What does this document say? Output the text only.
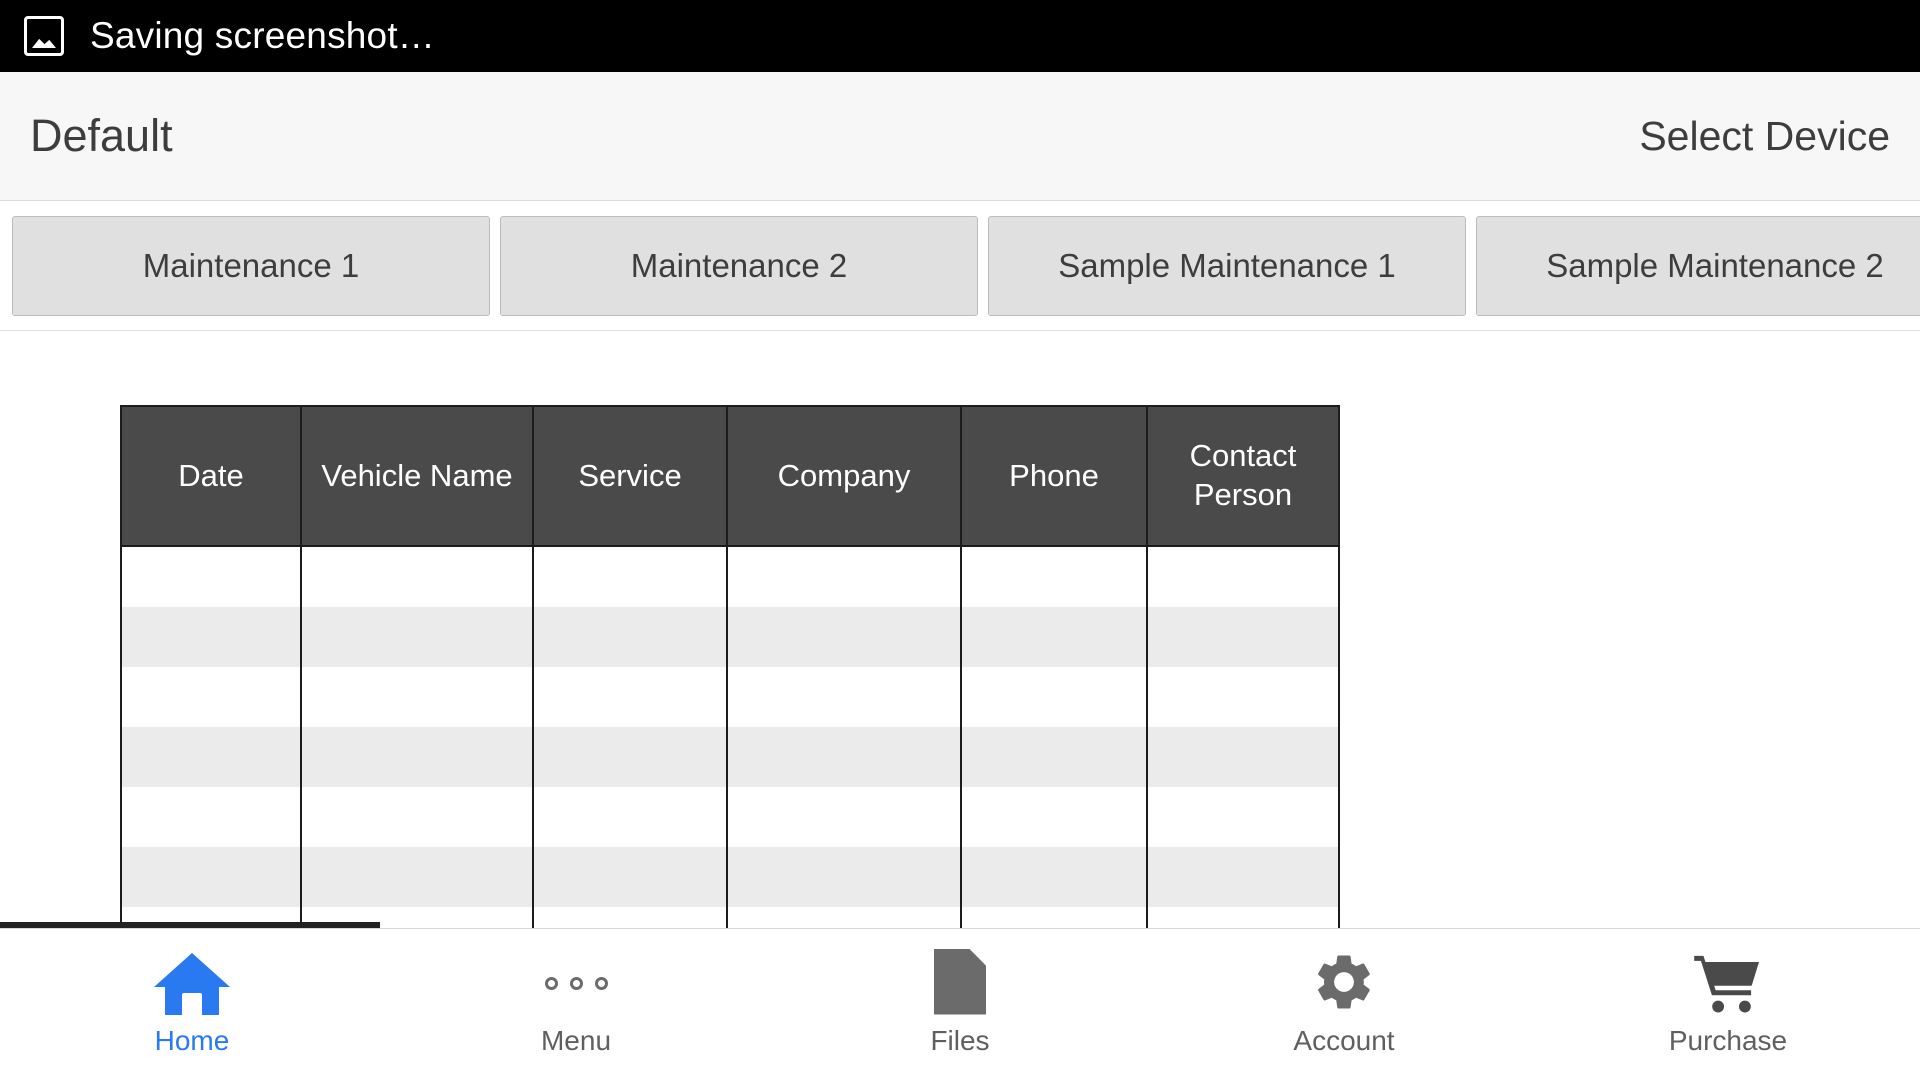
Saving screenshot…
Default	Select Device
Maintenance 1	Maintenance 2	Sample Maintenance 1	Sample Maintenance 2
Date	Vehicle Name	Service	Company	Phone	Contact Person

Home	Menu	Files	Account	Purchase
